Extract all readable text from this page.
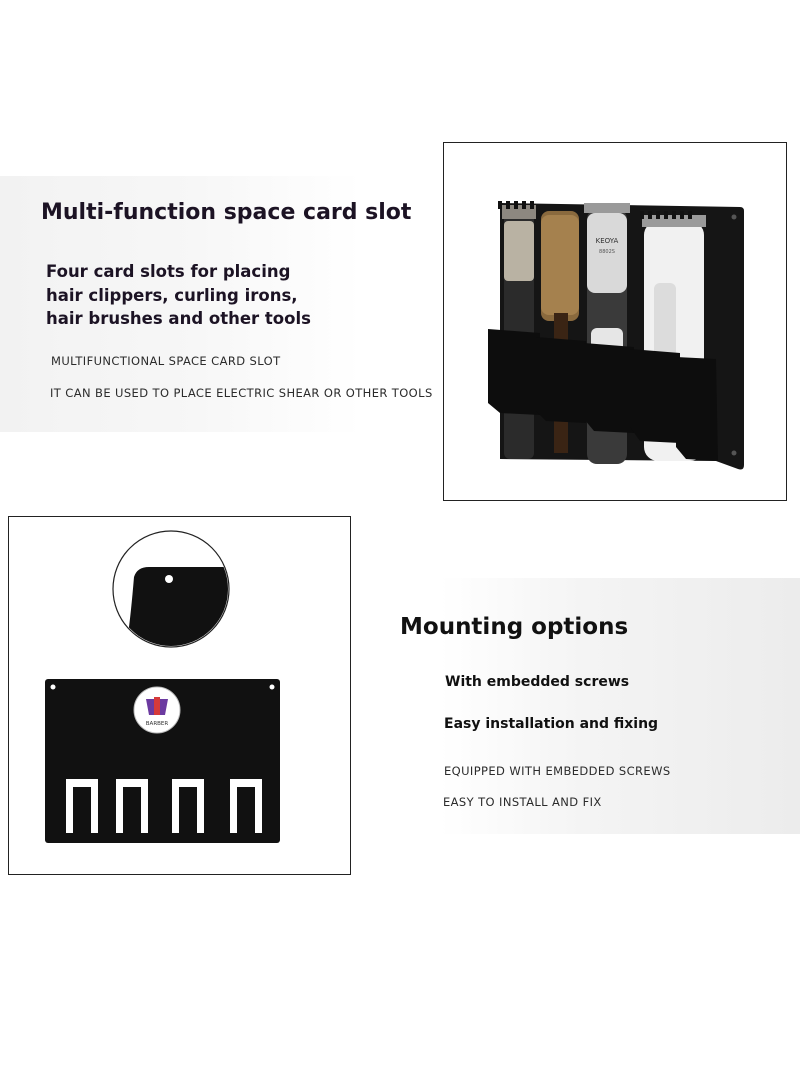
Multi-function space card slot
Four card slots for placing
hair clippers, curling irons,
hair brushes and other tools
MULTIFUNCTIONAL SPACE CARD SLOT
IT CAN BE USED TO PLACE ELECTRIC SHEAR OR OTHER TOOLS
KEOYA
8802S
BARBER
Mounting options
With embedded screws
Easy installation and fixing
EQUIPPED WITH EMBEDDED SCREWS
EASY TO INSTALL AND FIX
